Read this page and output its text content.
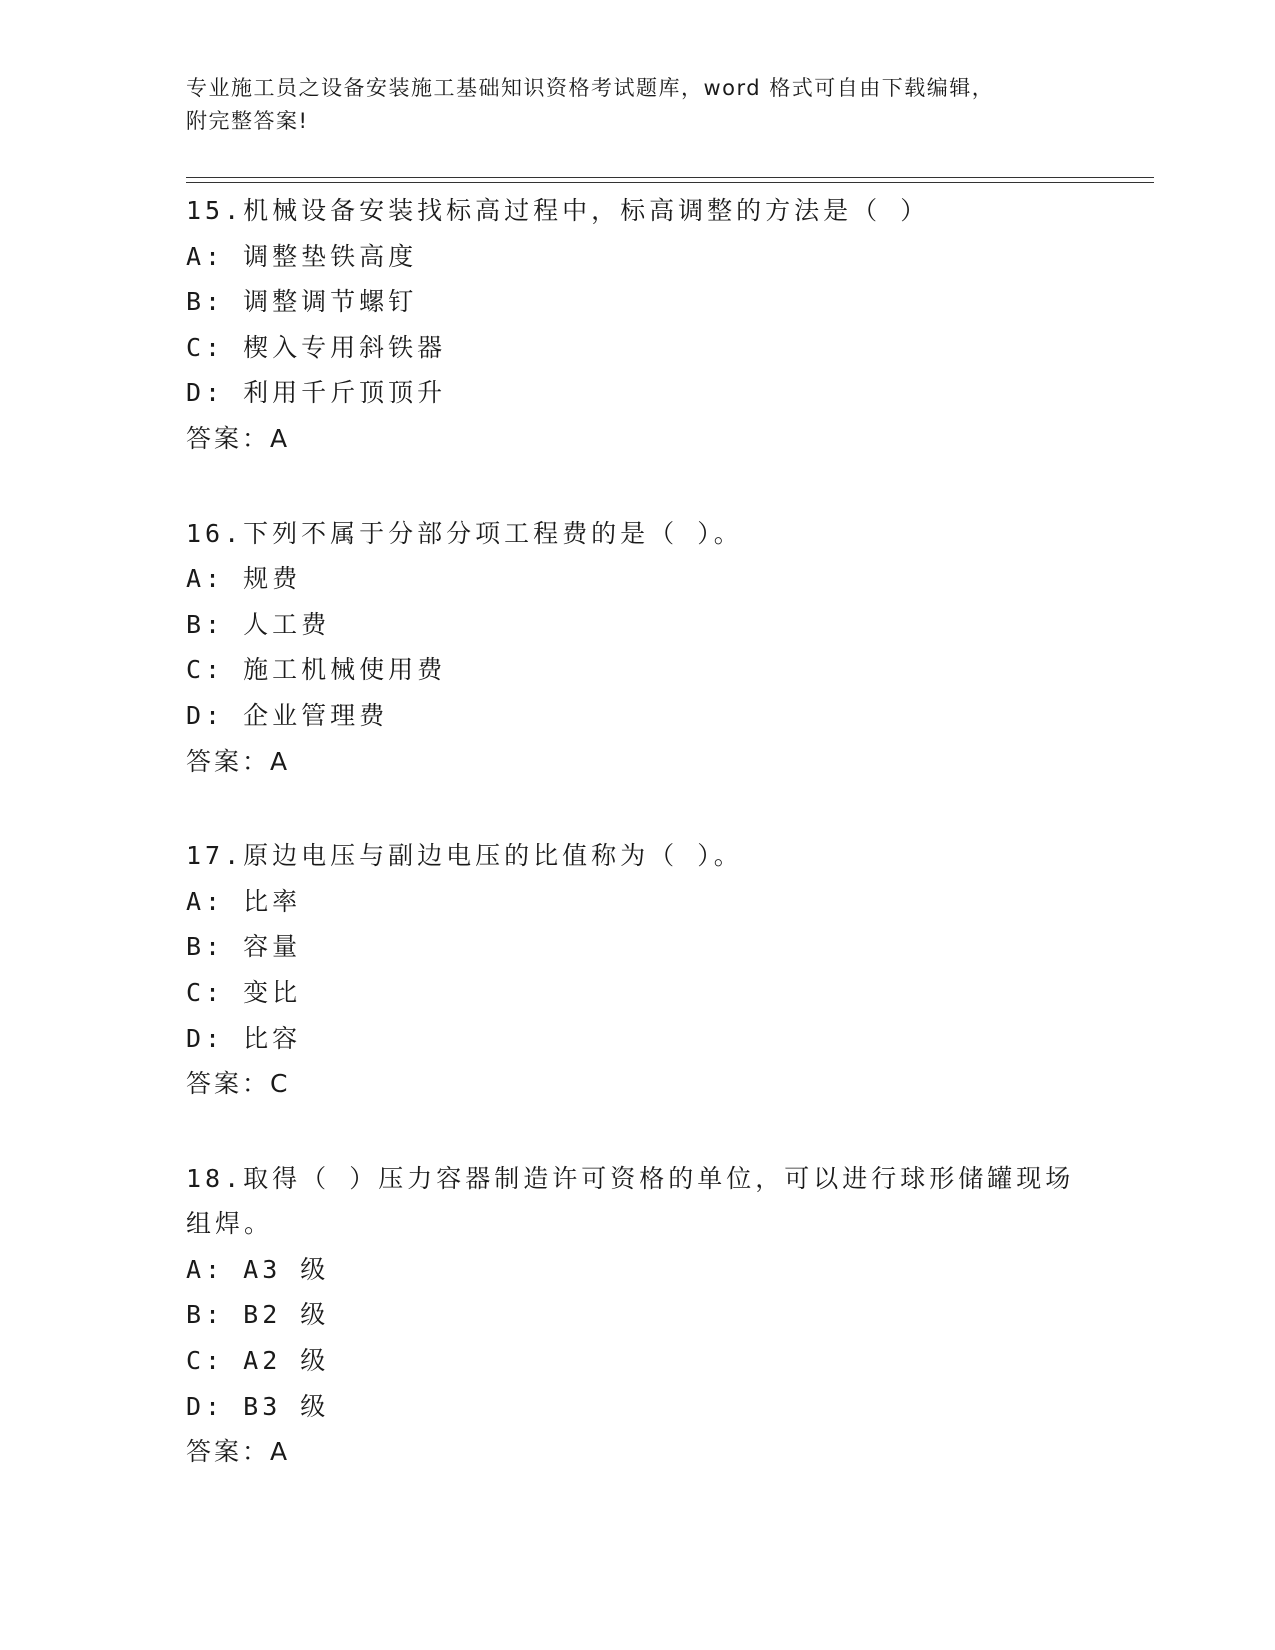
专业施工员之设备安装施工基础知识资格考试题库，word 格式可自由下载编辑，
附完整答案!
15.机械设备安装找标高过程中，标高调整的方法是（ ）
A: 调整垫铁高度
B: 调整调节螺钉
C: 楔入专用斜铁器
D: 利用千斤顶顶升
答案：A
16.下列不属于分部分项工程费的是（ ）。
A: 规费
B: 人工费
C: 施工机械使用费
D: 企业管理费
答案：A
17.原边电压与副边电压的比值称为（ ）。
A: 比率
B: 容量
C: 变比
D: 比容
答案：C
18.取得（ ）压力容器制造许可资格的单位，可以进行球形储罐现场
组焊。
A: A3 级
B: B2 级
C: A2 级
D: B3 级
答案：A
